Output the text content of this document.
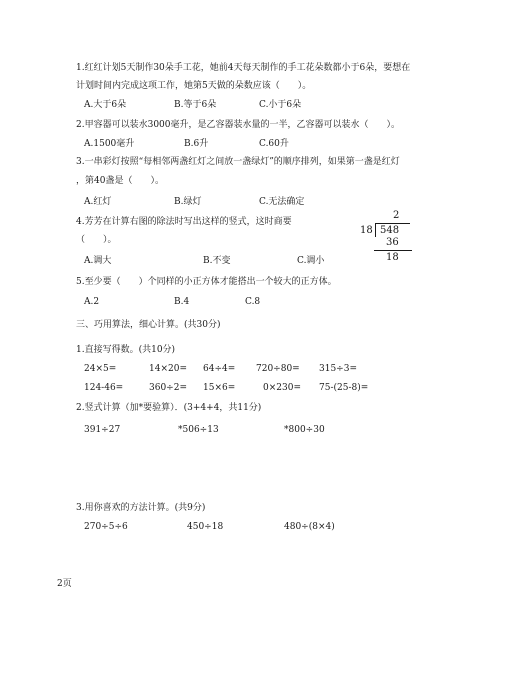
1.红红计划5天制作30朵手工花，她前4天每天制作的手工花朵数都小于6朵，要想在
计划时间内完成这项工作，她第5天做的朵数应该（　　）。
A.大于6朵	B.等于6朵	C.小于6朵
2.甲容器可以装水3000毫升，是乙容器装水量的一半，乙容器可以装水（　　）。
A.1500毫升	B.6升	C.60升
3.一串彩灯按照“每相邻两盏红灯之间放一盏绿灯”的顺序排列，如果第一盏是红灯
，第40盏是（　　）。
A.红灯	B.绿灯	C.无法确定
4.芳芳在计算右图的除法时写出这样的竖式，这时商要
（　　）。
A.调大	B.不变	C.调小
2
18 548
36
18
5.至少要（　　）个同样的小正方体才能搭出一个较大的正方体。
A.2	B.4	C.8
三、巧用算法，细心计算。(共30分)
1.直接写得数。(共10分)
24×5=	14×20= 64÷4= 720÷80= 315÷3=
124-46=	360÷2= 15×6=	0×230= 75-(25-8)=
2.竖式计算（加*要验算）．(3+4+4，共11分)
391÷27	*506÷13	*800÷30
3.用你喜欢的方法计算。(共9分)
270÷5÷6	450÷18	480÷(8×4)
2页
